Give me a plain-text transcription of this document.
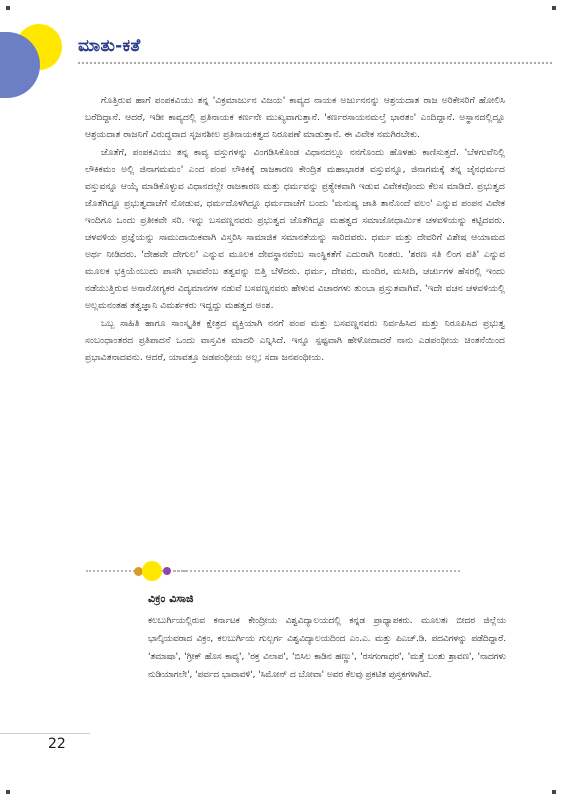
ಮಾತು-ಕತೆ

ಗೊತ್ತಿರುವ ಹಾಗೆ ಪಂಪಕವಿಯು ತನ್ನ 'ವಿಕ್ರಮಾರ್ಜುನ ವಿಜಯ' ಕಾವ್ಯದ ನಾಯಕ ಅರ್ಜುನನನ್ನು ಆಶ್ರಯದಾತ ರಾಜ ಅರಿಕೇಸರಿಗೆ ಹೋಲಿಸಿ ಬರೆದಿದ್ದಾನೆ. ಆದರೆ, ಇಡೀ ಕಾವ್ಯದಲ್ಲಿ ಪ್ರತಿನಾಯಕ ಕರ್ಣನೇ ಮುಖ್ಯವಾಗುತ್ತಾನೆ. 'ಕರ್ಣರಸಾಯನಮಲ್ತೆ ಭಾರತಂ' ಎಂದಿದ್ದಾನೆ. ಅಸ್ಥಾನದಲ್ಲಿದ್ದೂ ಆಶ್ರಯದಾತ ರಾಜನಿಗೆ ವಿರುದ್ಧವಾದ ಸೃಜನಶೀಲ ಪ್ರತಿನಾಯಕತ್ವದ ನಿರೂಪಣೆ ಮಾಡುತ್ತಾನೆ. ಈ ವಿವೇಕ ನಮಗಿರಬೇಕು.

ಜೊತೆಗೆ, ಪಂಪಕವಿಯು ತನ್ನ ಕಾವ್ಯ ವಸ್ತುಗಳನ್ನು ವಿಂಗಡಿಸಿಕೊಂಡ ವಿಧಾನದಲ್ಲೂ ನನಗೊಂದು ಹೊಳಹು ಕಾಣಿಸುತ್ತದೆ. 'ಬೆಳಗುವೆನಿಲ್ಲಿ ಲೌಕಿಕಮಂ ಅಲ್ಲಿ ಜಿನಾಗಮಮಂ' ಎಂದ ಪಂಪ ಲೌಕಿಕಕ್ಕೆ ರಾಜಕಾರಣ ಕೇಂದ್ರಿತ ಮಹಾಭಾರತ ವಸ್ತುವನ್ನೂ, ಜಿನಾಗಮಕ್ಕೆ ತನ್ನ ಜೈನಧರ್ಮದ ವಸ್ತುವನ್ನೂ ಆಯ್ಕೆ ಮಾಡಿಕೊಳ್ಳುವ ವಿಧಾನದಲ್ಲೇ ರಾಜಕಾರಣ ಮತ್ತು ಧರ್ಮವನ್ನು ಪ್ರತ್ಯೇಕವಾಗಿ ಇಡುವ ವಿವೇಕವೊಂದು ಕೆಲಸ ಮಾಡಿದೆ. ಪ್ರಭುತ್ವದ ಜೊತೆಗಿದ್ದೂ ಪ್ರಭುತ್ವದಾಚೆಗೆ ನೋಡುವ, ಧರ್ಮದೊಳಗಿದ್ದೂ ಧರ್ಮದಾಚೆಗೆ ಬಂದು 'ಮನುಷ್ಯ ಜಾತಿ ತಾನೊಂದೆ ವಲಂ' ಎನ್ನುವ ಪಂಪನ ವಿವೇಕ ಇಂದಿಗೂ ಒಂದು ಪ್ರತೀಕವೇ ಸರಿ. ಇನ್ನು ಬಸವಣ್ಣನವರು ಪ್ರಭುತ್ವದ ಜೊತೆಗಿದ್ದೂ ಮಹತ್ವದ ಸಮಾಜೋಧಾರ್ಮಿಕ ಚಳವಳಿಯನ್ನು ಕಟ್ಟಿದವರು. ಚಳವಳಿಯ ಪ್ರಜ್ಞೆಯನ್ನು ಸಾಮುದಾಯಿಕವಾಗಿ ವಿಸ್ತರಿಸಿ ಸಾಮಾಜಿಕ ಸಮಾನತೆಯನ್ನು ಸಾರಿದವರು. ಧರ್ಮ ಮತ್ತು ದೇವರಿಗೆ ವಿಶೇಷ ಆಯಾಮದ ಅರ್ಥ ನೀಡಿದರು. 'ದೇಹವೇ ದೇಗುಲ' ಎನ್ನುವ ಮೂಲಕ ದೇವಸ್ಥಾನವೆಂಬ ಸಾಂಸ್ಥಿಕತೆಗೆ ಎದುರಾಗಿ ನಿಂತರು. 'ಶರಣ ಸತಿ ಲಿಂಗ ಪತಿ' ಎನ್ನುವ ಮೂಲಕ ಭಕ್ತಿಯೆಂಬುದು ಪಾಸಗಿ ಭಾವವೆಂಬ ತತ್ವವನ್ನು ಬಿತ್ತಿ ಬೆಳೆದರು. ಧರ್ಮ, ದೇವರು, ಮಂದಿರ, ಮಸೀದಿ, ಚರ್ಚುಗಳ ಹೆಸರಲ್ಲಿ ಇಂದು ನಡೆಯುತ್ತಿರುವ ಅನಾರೋಗ್ಯಕರ ವಿದ್ಯಮಾನಗಳ ನಡುವೆ ಬಸವಣ್ಣನವರು ಹೇಳುವ ವಿಚಾರಗಳು ತುಂಬಾ ಪ್ರಸ್ತುತವಾಗಿವೆ. 'ಇದೇ ವಚನ ಚಳವಳಿಯಲ್ಲಿ ಅಲ್ಲಮನಂತಹ ತತ್ವಜ್ಞಾನಿ ವಿಮರ್ಶಕರು ಇದ್ದದ್ದು ಮಹತ್ವದ ಅಂಶ.

ಒಬ್ಬ ಸಾಹಿತಿ ಹಾಗೂ ಸಾಂಸ್ಕೃತಿಕ ಕ್ಷೇತ್ರದ ವ್ಯಕ್ತಿಯಾಗಿ ನನಗೆ ಪಂಪ ಮತ್ತು ಬಸವಣ್ಣನವರು ನಿರ್ವಹಿಸಿದ ಮತ್ತು ನಿರೂಪಿಸಿದ ಪ್ರಭುತ್ವ ಸಂಬಂಧಾಂತರದ ಪ್ರತಿಪಾದನೆ ಒಂದು ವಾಸ್ತವಿಕ ಮಾದರಿ ಎನ್ನಿಸಿದೆ. ಇನ್ನೂ ಸ್ಪಷ್ಟವಾಗಿ ಹೇಳೋದಾದರೆ ನಾನು ಎಡಪಂಥೀಯ ಚಿಂತನೆಯಿಂದ ಪ್ರಭಾವಿತನಾದವನು. ಆದರೆ, ಯಾವತ್ತೂ ಜಡಪಂಥೀಯ ಅಲ್ಲ; ಸದಾ ಜನಪಂಥೀಯ.

ವಿಕ್ರಂ ವಿಸಾಜಿ
ಕಲಬುರ್ಗಿಯಲ್ಲಿರುವ ಕರ್ನಾಟಕ ಕೇಂದ್ರೀಯ ವಿಶ್ವವಿದ್ಯಾಲಯದಲ್ಲಿ ಕನ್ನಡ ಪ್ರಾಧ್ಯಾಪಕರು. ಮೂಲತಃ ಬೀದರ ಜಿಲ್ಲೆಯ ಭಾಲ್ಕಿಯವರಾದ ವಿಕ್ರಂ, ಕಲಬುರ್ಗಿಯ ಗುಲ್ಬರ್ಗ ವಿಶ್ವವಿದ್ಯಾಲಯದಿಂದ ಎಂ.ಎ. ಮತ್ತು ಪಿಎಚ್.ಡಿ. ಪದವಿಗಳನ್ನು ಪಡೆದಿದ್ದಾರೆ. 'ತಮಾಷಾ', 'ಗ್ರೀಕ್ ಹೊಸ ಕಾವ್ಯ', 'ರಕ್ತ ವಿಲಾಪ', 'ಬಿಸಿಲ ಕಾಡಿನ ಹಣ್ಣು', 'ರಸಗಂಗಾಧರ', 'ಮತ್ತೆ ಬಂತು ಶ್ರಾವಣ', 'ನಾದಗಳು ನುಡಿಯಾಗಲೇ', 'ಪರ್ವದ ಭಾವಾವಳಿ', 'ಸಿಮೋನ್ ದ ಬೋವಾ' ಅವರ ಕೆಲವು ಪ್ರಕಟಿತ ಪುಸ್ತಕಗಳಾಗಿವೆ.
22
